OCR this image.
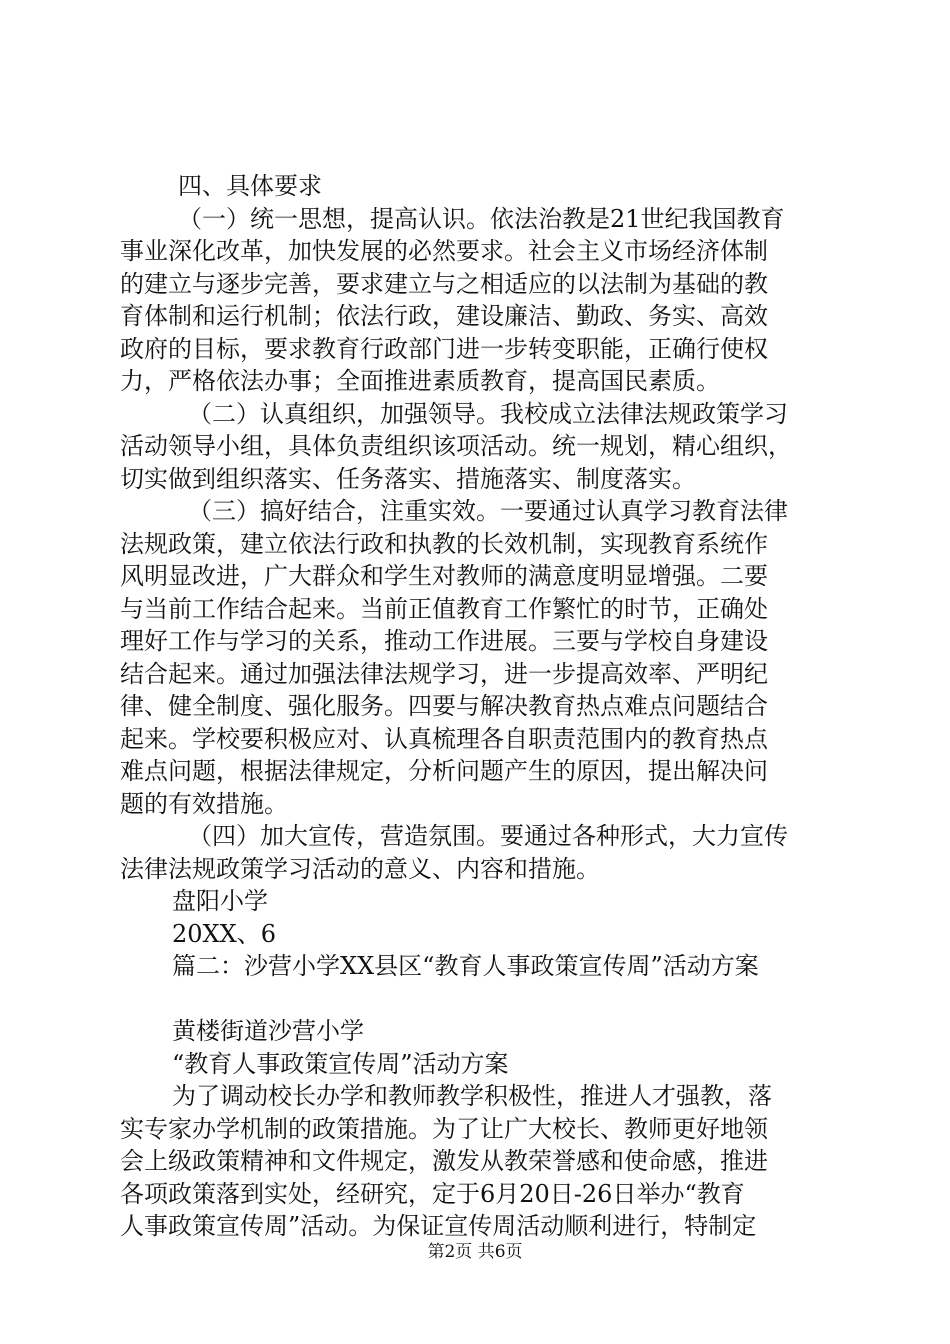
四、具体要求
（一）统一思想，提高认识。依法治教是21世纪我国教育
事业深化改革，加快发展的必然要求。社会主义市场经济体制
的建立与逐步完善，要求建立与之相适应的以法制为基础的教
育体制和运行机制；依法行政，建设廉洁、勤政、务实、高效
政府的目标，要求教育行政部门进一步转变职能，正确行使权
力，严格依法办事；全面推进素质教育，提高国民素质。
（二）认真组织，加强领导。我校成立法律法规政策学习
活动领导小组，具体负责组织该项活动。统一规划，精心组织，
切实做到组织落实、任务落实、措施落实、制度落实。
（三）搞好结合，注重实效。一要通过认真学习教育法律
法规政策，建立依法行政和执教的长效机制，实现教育系统作
风明显改进，广大群众和学生对教师的满意度明显增强。二要
与当前工作结合起来。当前正值教育工作繁忙的时节，正确处
理好工作与学习的关系，推动工作进展。三要与学校自身建设
结合起来。通过加强法律法规学习，进一步提高效率、严明纪
律、健全制度、强化服务。四要与解决教育热点难点问题结合
起来。学校要积极应对、认真梳理各自职责范围内的教育热点
难点问题，根据法律规定，分析问题产生的原因，提出解决问
题的有效措施。
（四）加大宣传，营造氛围。要通过各种形式，大力宣传
法律法规政策学习活动的意义、内容和措施。
盘阳小学
20XX、6
篇二：沙营小学XX县区“教育人事政策宣传周”活动方案
黄楼街道沙营小学
“教育人事政策宣传周”活动方案
为了调动校长办学和教师教学积极性，推进人才强教，落
实专家办学机制的政策措施。为了让广大校长、教师更好地领
会上级政策精神和文件规定，激发从教荣誉感和使命感，推进
各项政策落到实处，经研究，定于6月20日-26日举办“教育
人事政策宣传周”活动。为保证宣传周活动顺利进行，特制定
第2页 共6页
